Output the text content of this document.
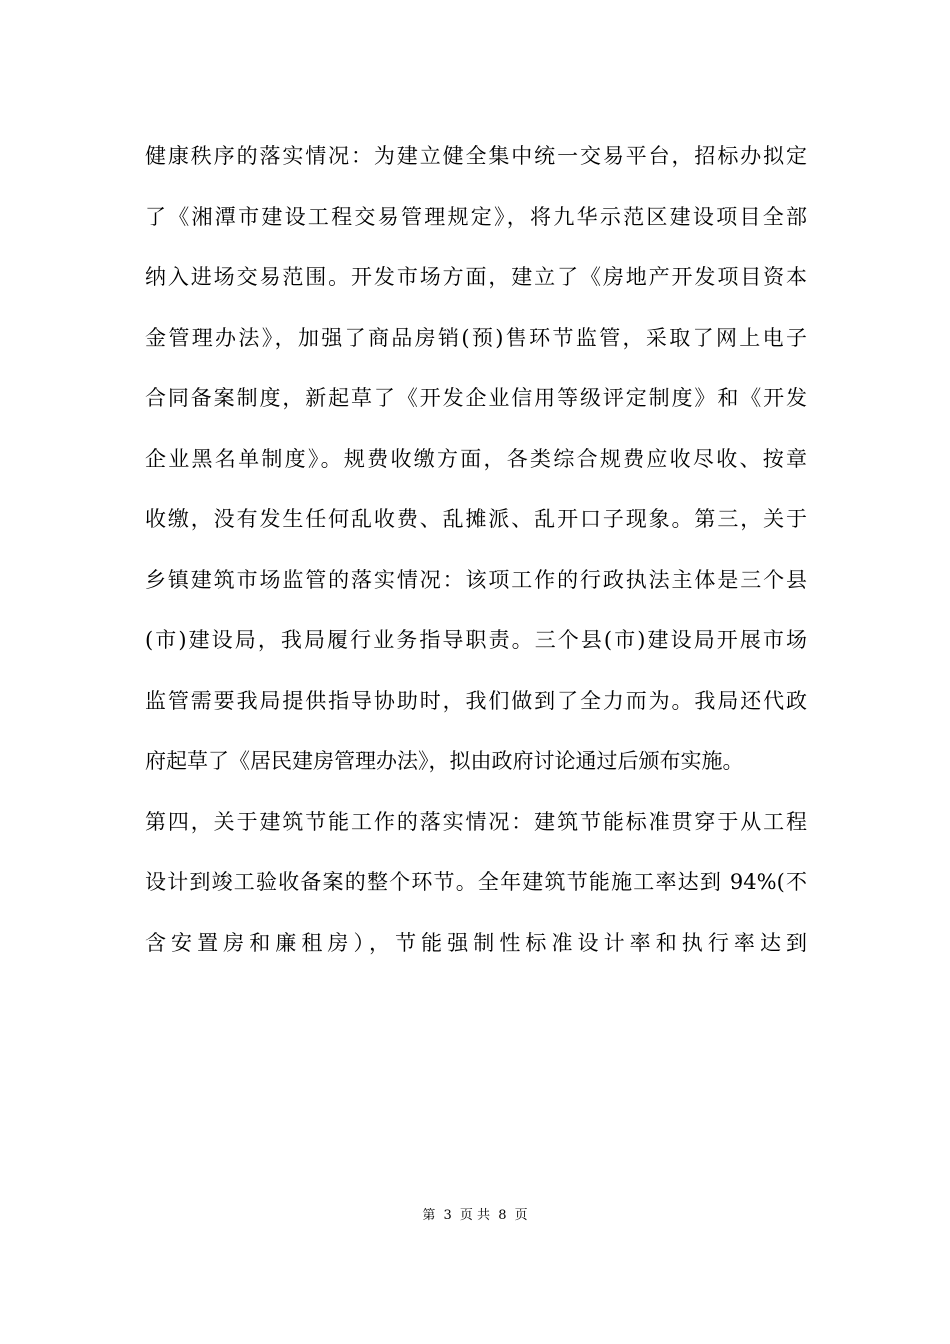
健康秩序的落实情况：为建立健全集中统一交易平台，招标办拟定
了《湘潭市建设工程交易管理规定》，将九华示范区建设项目全部
纳入进场交易范围。开发市场方面，建立了《房地产开发项目资本
金管理办法》，加强了商品房销(预)售环节监管，采取了网上电子
合同备案制度，新起草了《开发企业信用等级评定制度》和《开发
企业黑名单制度》。规费收缴方面，各类综合规费应收尽收、按章
收缴，没有发生任何乱收费、乱摊派、乱开口子现象。第三，关于
乡镇建筑市场监管的落实情况：该项工作的行政执法主体是三个县
(市)建设局，我局履行业务指导职责。三个县(市)建设局开展市场
监管需要我局提供指导协助时，我们做到了全力而为。我局还代政
府起草了《居民建房管理办法》，拟由政府讨论通过后颁布实施。
第四，关于建筑节能工作的落实情况：建筑节能标准贯穿于从工程
设计到竣工验收备案的整个环节。全年建筑节能施工率达到 94%(不
含安置房和廉租房），节能强制性标准设计率和执行率达到
第 3 页 共 8 页
